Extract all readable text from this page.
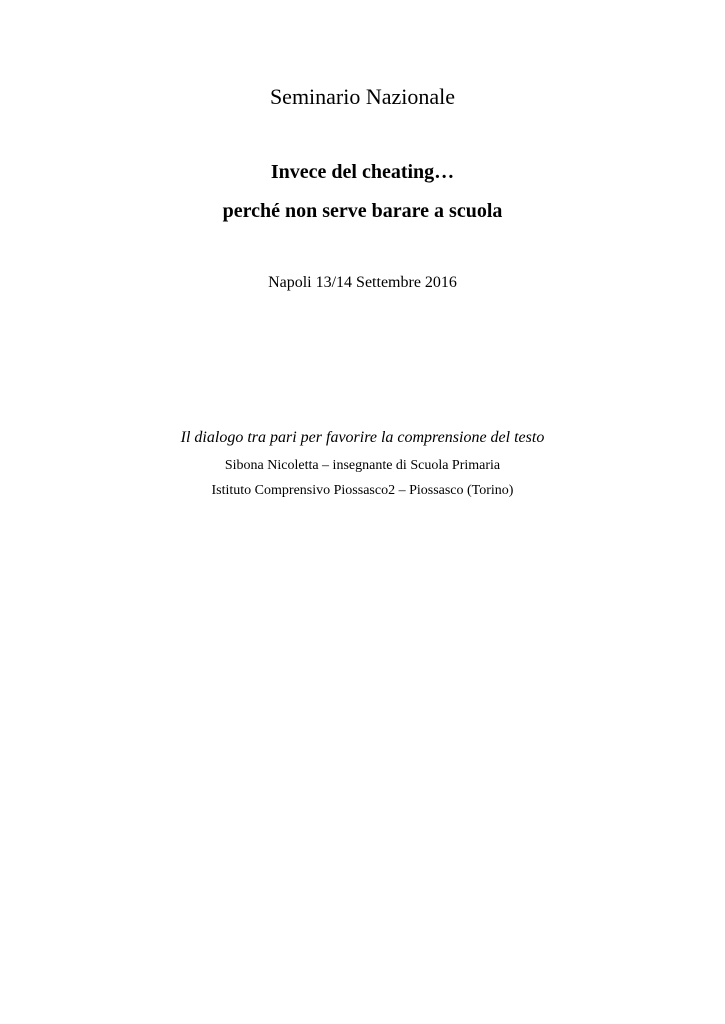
Seminario Nazionale

Invece del cheating…

perché non serve barare a scuola

Napoli 13/14 Settembre 2016

Il dialogo tra pari per favorire la comprensione del testo

Sibona Nicoletta – insegnante di Scuola Primaria

Istituto Comprensivo Piossasco2 – Piossasco (Torino)
